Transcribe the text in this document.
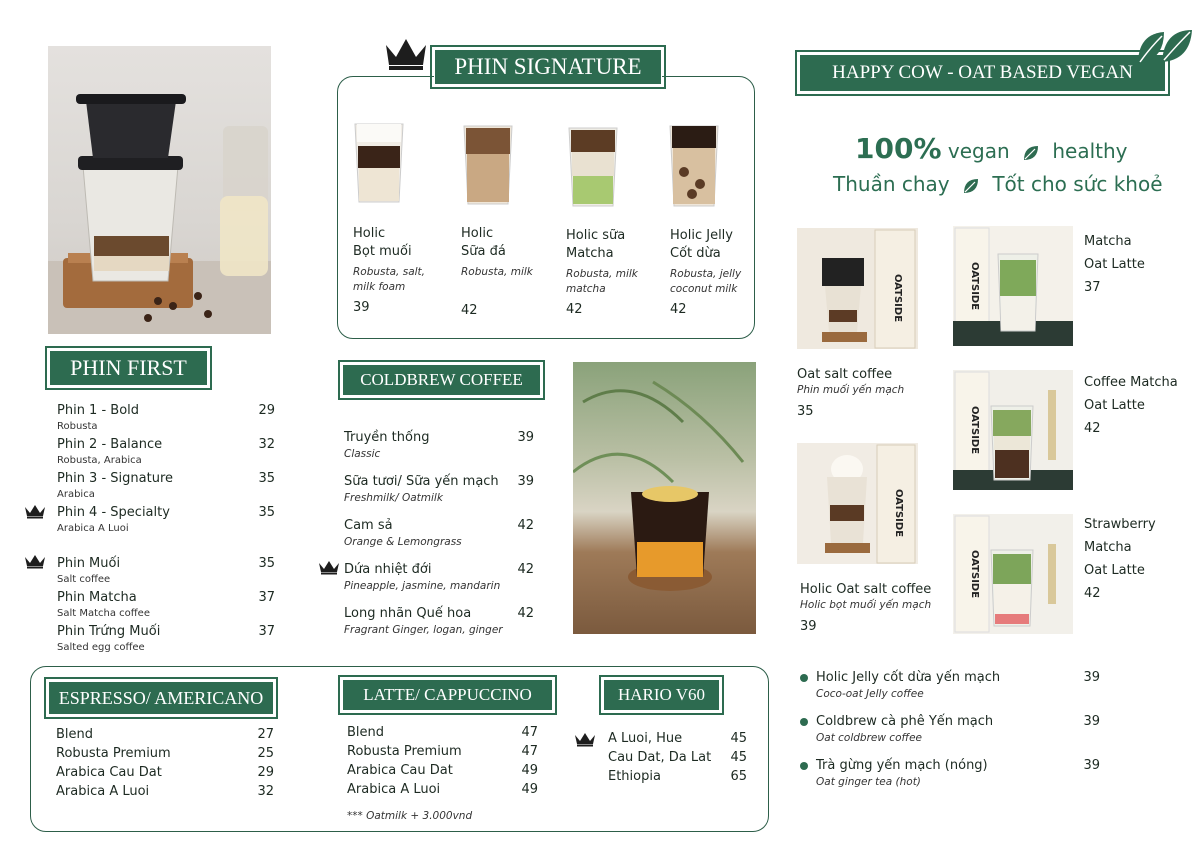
PHIN SIGNATURE
Holic
Bọt muối
Robusta, salt,
milk foam
39
Holic
Sữa đá
Robusta, milk
42
Holic sữa
Matcha
Robusta, milk
matcha
42
Holic Jelly
Cốt dừa
Robusta, jelly
coconut milk
42
PHIN FIRST
Phin 1 - Bold	29
Robusta
Phin 2 - Balance	32
Robusta, Arabica
Phin 3 - Signature	35
Arabica
Phin 4 - Specialty	35
Arabica A Luoi
Phin Muối	35
Salt coffee
Phin Matcha	37
Salt Matcha coffee
Phin Trứng Muối	37
Salted egg coffee
COLDBREW COFFEE
Truyền thống	39
Classic
Sữa tươi/ Sữa yến mạch 39
Freshmilk/ Oatmilk
Cam sả	42
Orange & Lemongrass
Dứa nhiệt đới	42
Pineapple, jasmine, mandarin
Long nhãn Quế hoa	42
Fragrant Ginger, logan, ginger
ESPRESSO/ AMERICANO
Blend	27
Robusta Premium	25
Arabica Cau Dat	29
Arabica A Luoi	32
LATTE/ CAPPUCCINO
Blend	47
Robusta Premium	47
Arabica Cau Dat	49
Arabica A Luoi	49
*** Oatmilk + 3.000vnd
HARIO V60
A Luoi, Hue	45
Cau Dat, Da Lat 45
Ethiopia	65
HAPPY COW - OAT BASED VEGAN
100% vegan healthy
Thuần chay Tốt cho sức khoẻ
OATSIDE
Oat salt coffee
Phin muối yến mạch
35
OATSIDE
Holic Oat salt coffee
Holic bọt muối yến mạch
39
OATSIDE
Matcha
Oat Latte
37
OATSIDE
Coffee Matcha
Oat Latte
42
OATSIDE
Strawberry
Matcha
Oat Latte
42
Holic Jelly cốt dừa yến mạch	39
Coco-oat Jelly coffee
Coldbrew cà phê Yến mạch	39
Oat coldbrew coffee
Trà gừng yến mạch (nóng)	39
Oat ginger tea (hot)
